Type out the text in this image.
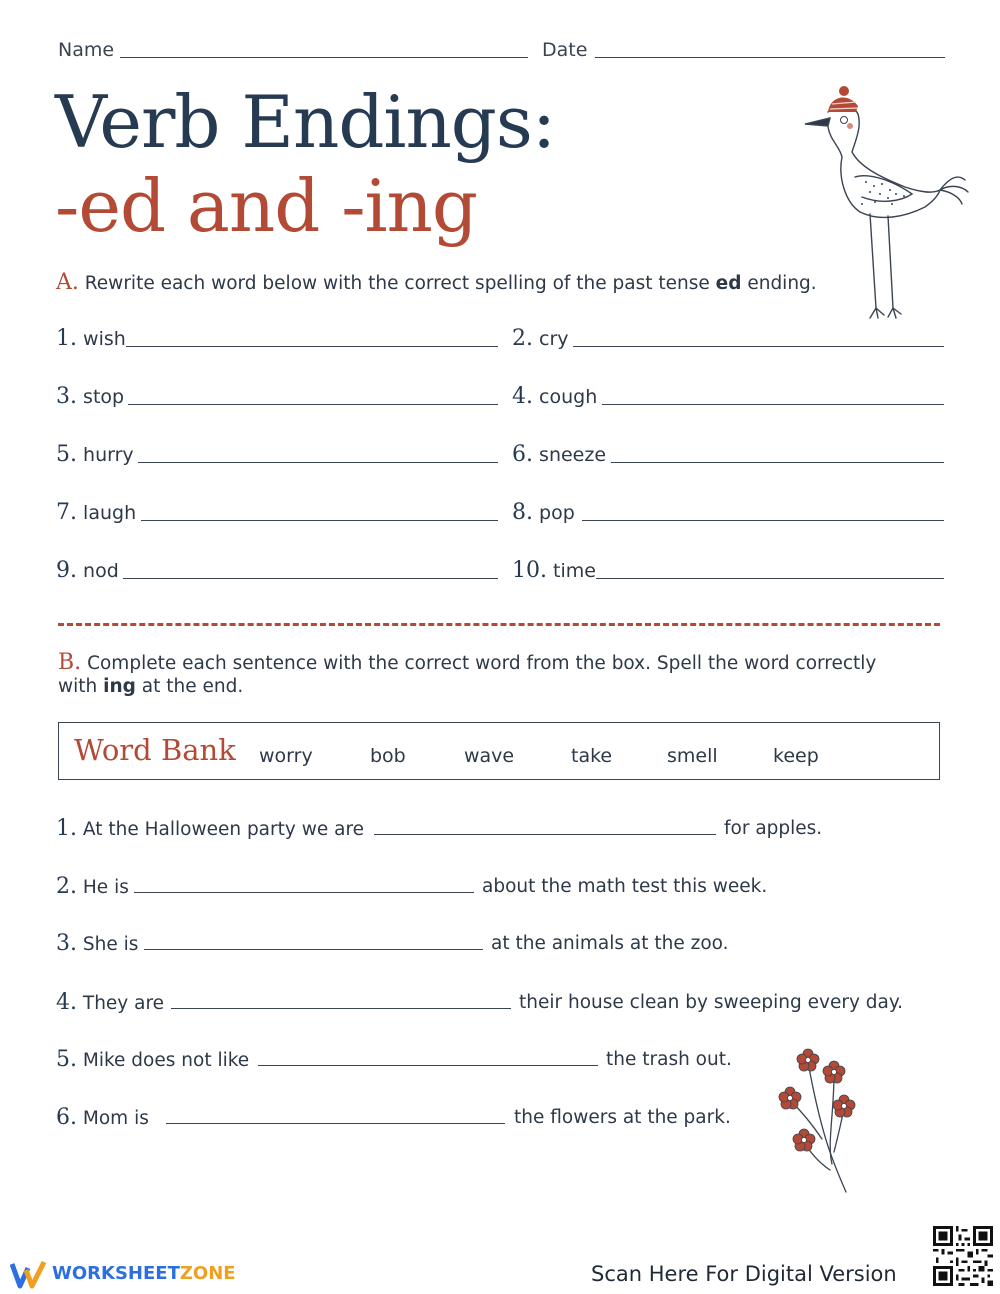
Name	Date
Verb Endings:
-ed and -ing
A. Rewrite each word below with the correct spelling of the past tense ed ending.
1. wish	2. cry
3. stop	4. cough
5. hurry	6. sneeze
7. laugh	8. pop
9. nod	10. time
B. Complete each sentence with the correct word from the box. Spell the word correctly
with ing at the end.
Word Bank worry	bob	wave	take	smell	keep
1. At the Halloween party we are	for apples.
2. He is	about the math test this week.
3. She is	at the animals at the zoo.
4. They are	their house clean by sweeping every day.
5. Mike does not like	the trash out.
6. Mom is	the flowers at the park.
WORKSHEETZONE	Scan Here For Digital Version
